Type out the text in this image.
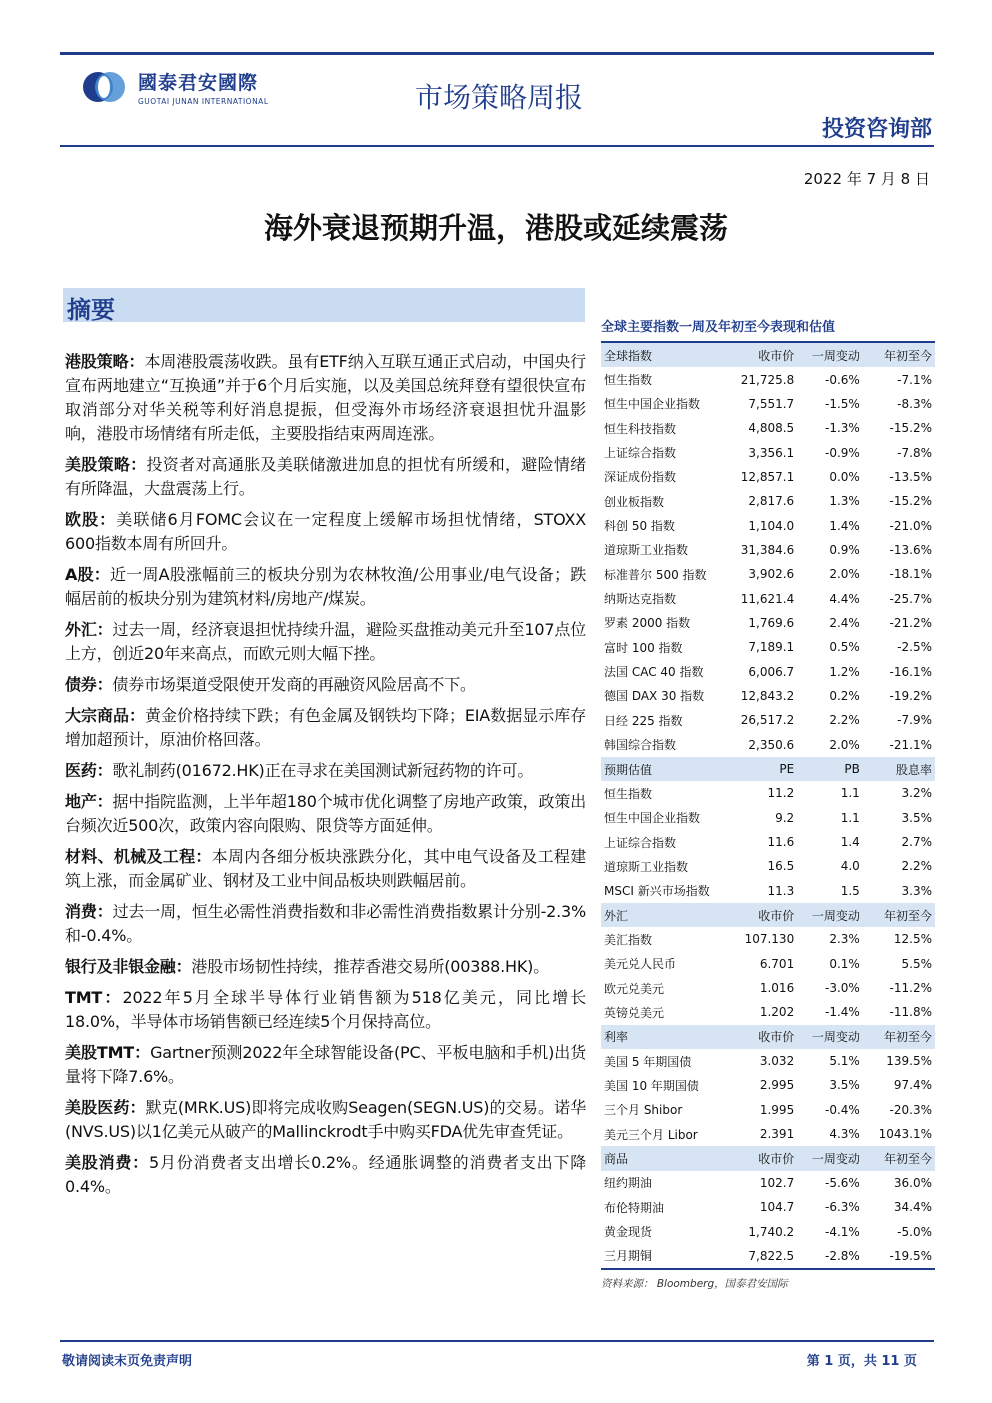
國泰君安國際
GUOTAI JUNAN INTERNATIONAL	市场策略周报
投资咨询部
2022 年 7 月 8 日
海外衰退预期升温，港股或延续震荡
摘要

港股策略：本周港股震荡收跌。虽有ETF纳入互联互通正式启动，中国央行宣布两地建立“互换通”并于6个月后实施，以及美国总统拜登有望很快宣布取消部分对华关税等利好消息提振，但受海外市场经济衰退担忧升温影响，港股市场情绪有所走低，主要股指结束两周连涨。

美股策略：投资者对高通胀及美联储激进加息的担忧有所缓和，避险情绪有所降温，大盘震荡上行。

欧股：美联储6月FOMC会议在一定程度上缓解市场担忧情绪，STOXX 600指数本周有所回升。

A股：近一周A股涨幅前三的板块分别为农林牧渔/公用事业/电气设备；跌幅居前的板块分别为建筑材料/房地产/煤炭。

外汇：过去一周，经济衰退担忧持续升温，避险买盘推动美元升至107点位上方，创近20年来高点，而欧元则大幅下挫。

债券：债券市场渠道受限使开发商的再融资风险居高不下。

大宗商品：黄金价格持续下跌；有色金属及钢铁均下降；EIA数据显示库存增加超预计，原油价格回落。

医药：歌礼制药(01672.HK)正在寻求在美国测试新冠药物的许可。

地产：据中指院监测，上半年超180个城市优化调整了房地产政策，政策出台频次近500次，政策内容向限购、限贷等方面延伸。

材料、机械及工程：本周内各细分板块涨跌分化，其中电气设备及工程建筑上涨，而金属矿业、钢材及工业中间品板块则跌幅居前。

消费：过去一周，恒生必需性消费指数和非必需性消费指数累计分别-2.3%和-0.4%。

银行及非银金融：港股市场韧性持续，推荐香港交易所(00388.HK)。

TMT：2022年5月全球半导体行业销售额为518亿美元，同比增长18.0%，半导体市场销售额已经连续5个月保持高位。

美股TMT：Gartner预测2022年全球智能设备(PC、平板电脑和手机)出货量将下降7.6%。

美股医药：默克(MRK.US)即将完成收购Seagen(SEGN.US)的交易。诺华(NVS.US)以1亿美元从破产的Mallinckrodt手中购买FDA优先审查凭证。

美股消费：5月份消费者支出增长0.2%。经通胀调整的消费者支出下降0.4%。

全球主要指数一周及年初至今表现和估值
全球指数	收市价	一周变动	年初至今
恒生指数	21,725.8	-0.6%	-7.1%
恒生中国企业指数	7,551.7	-1.5%	-8.3%
恒生科技指数	4,808.5	-1.3%	-15.2%
上证综合指数	3,356.1	-0.9%	-7.8%
深证成份指数	12,857.1	0.0%	-13.5%
创业板指数	2,817.6	1.3%	-15.2%
科创 50 指数	1,104.0	1.4%	-21.0%
道琼斯工业指数	31,384.6	0.9%	-13.6%
标准普尔 500 指数	3,902.6	2.0%	-18.1%
纳斯达克指数	11,621.4	4.4%	-25.7%
罗素 2000 指数	1,769.6	2.4%	-21.2%
富时 100 指数	7,189.1	0.5%	-2.5%
法国 CAC 40 指数	6,006.7	1.2%	-16.1%
德国 DAX 30 指数	12,843.2	0.2%	-19.2%
日经 225 指数	26,517.2	2.2%	-7.9%
韩国综合指数	2,350.6	2.0%	-21.1%
预期估值	PE	PB	股息率
恒生指数	11.2	1.1	3.2%
恒生中国企业指数	9.2	1.1	3.5%
上证综合指数	11.6	1.4	2.7%
道琼斯工业指数	16.5	4.0	2.2%
MSCI 新兴市场指数	11.3	1.5	3.3%
外汇	收市价	一周变动	年初至今
美汇指数	107.130	2.3%	12.5%
美元兑人民币	6.701	0.1%	5.5%
欧元兑美元	1.016	-3.0%	-11.2%
英镑兑美元	1.202	-1.4%	-11.8%
利率	收市价	一周变动	年初至今
美国 5 年期国债	3.032	5.1%	139.5%
美国 10 年期国债	2.995	3.5%	97.4%
三个月 Shibor	1.995	-0.4%	-20.3%
美元三个月 Libor	2.391	4.3%	1043.1%
商品	收市价	一周变动	年初至今
纽约期油	102.7	-5.6%	36.0%
布伦特期油	104.7	-6.3%	34.4%
黄金现货	1,740.2	-4.1%	-5.0%
三月期铜	7,822.5	-2.8%	-19.5%
资料来源： Bloomberg，国泰君安国际
敬请阅读末页免责声明	第 1 页，共 11 页
